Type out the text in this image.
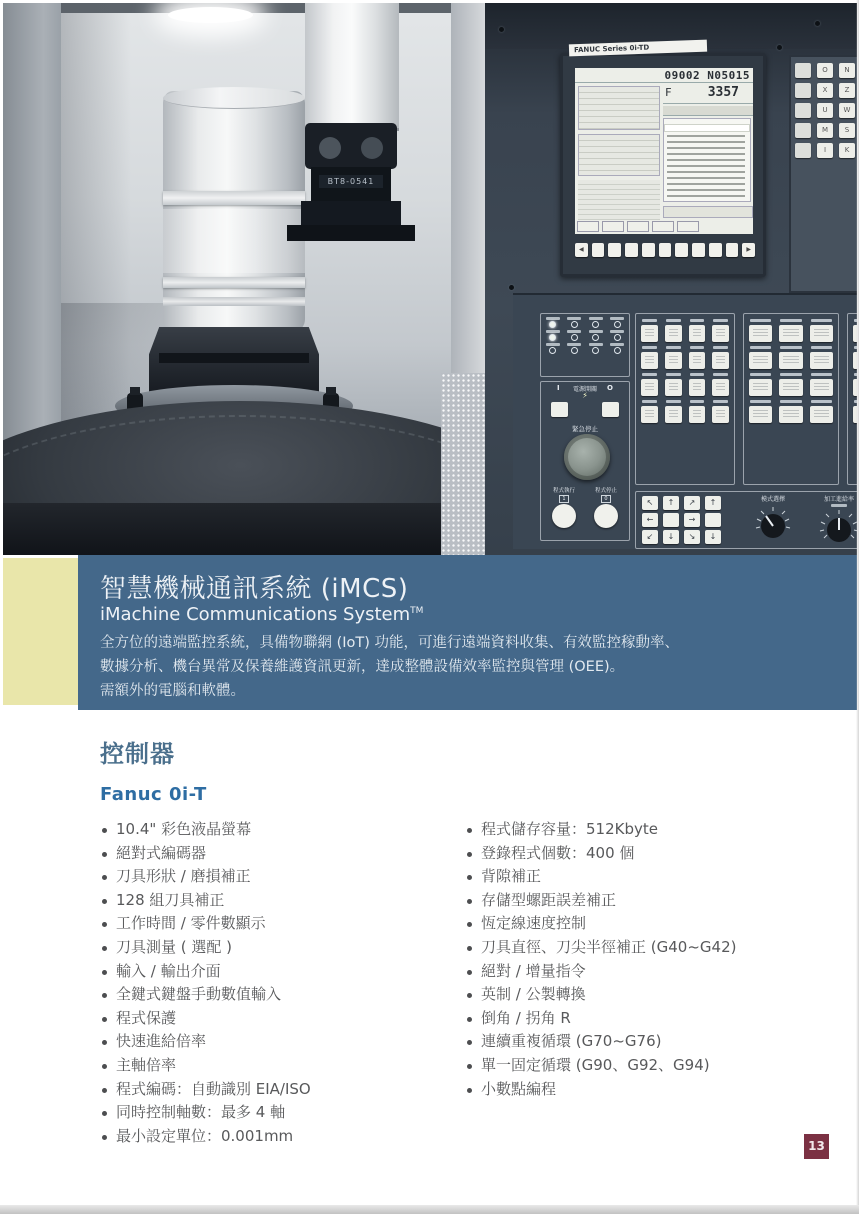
BT8-0541
FANUC Series 0i-TD
09002 N05015
F	3357
◀	▶
O	N
X	Z
U	W
M	S
I	K
I	電源開關	O
⚡
緊急停止
程式執行
1
程式停止
0	↖	↑	↗	↑
←	→
↙	↓	↘	↓
模式選擇	加工進給率
智慧機械通訊系統 (iMCS)
iMachine Communications System™
全方位的遠端監控系統，具備物聯網 (IoT) 功能，可進行遠端資料收集、有效監控稼動率、
數據分析、機台異常及保養維護資訊更新，達成整體設備效率監控與管理 (OEE)。
需額外的電腦和軟體。
控制器
Fanuc 0i-T
10.4" 彩色液晶螢幕
絕對式編碼器
刀具形狀 / 磨損補正
128 組刀具補正
工作時間 / 零件數顯示
刀具測量 ( 選配 )
輸入 / 輸出介面
全鍵式鍵盤手動數值輸入
程式保護
快速進給倍率
主軸倍率
程式編碼：自動識別 EIA/ISO
同時控制軸數：最多 4 軸
最小設定單位：0.001mm
程式儲存容量：512Kbyte
登錄程式個數：400 個
背隙補正
存儲型螺距誤差補正
恆定線速度控制
刀具直徑、刀尖半徑補正 (G40~G42)
絕對 / 增量指令
英制 / 公製轉換
倒角 / 拐角 R
連續重複循環 (G70~G76)
單一固定循環 (G90、G92、G94)
小數點編程
13
